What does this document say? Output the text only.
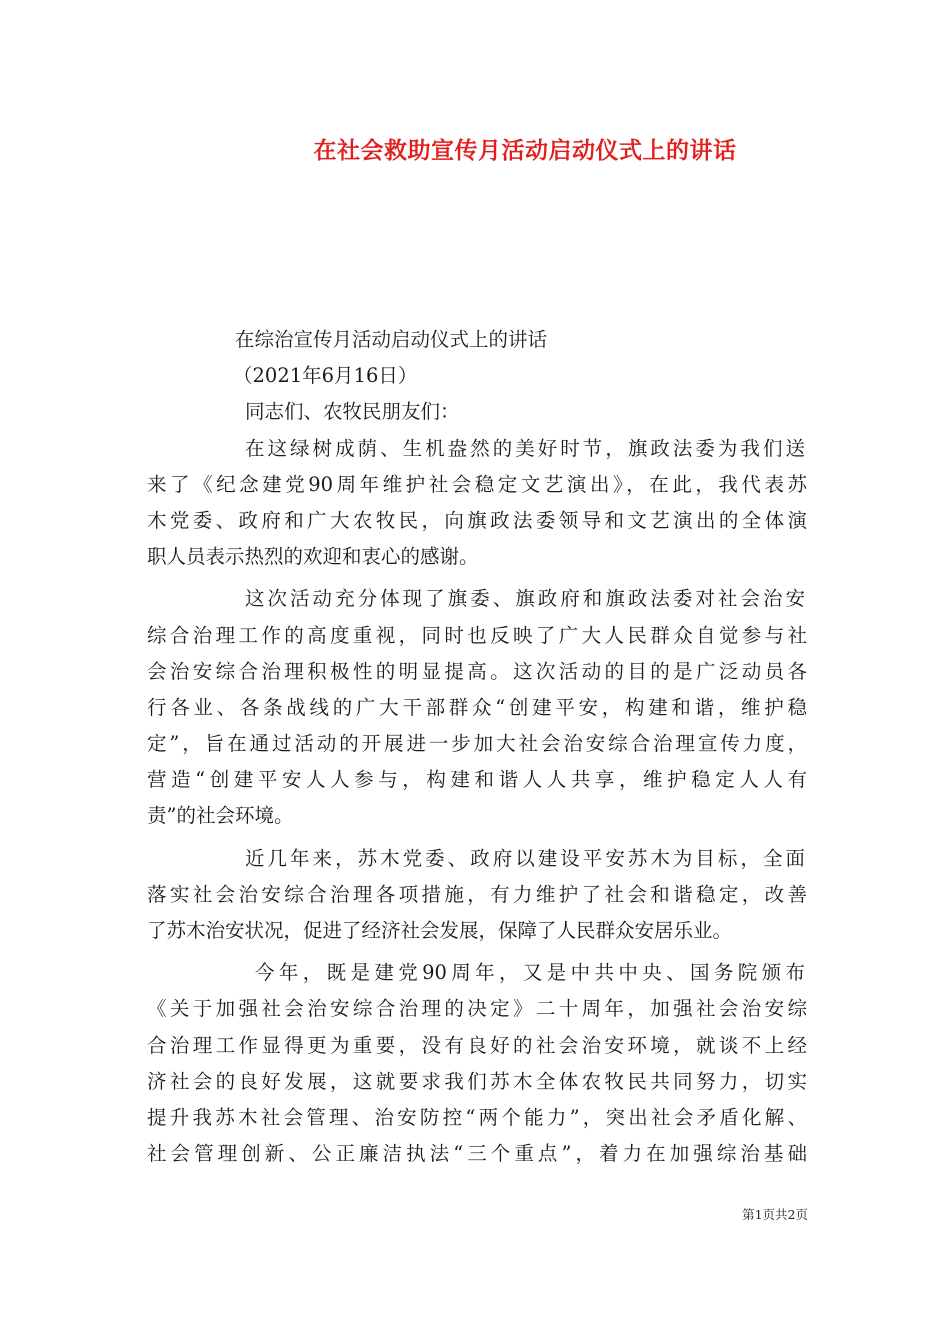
在社会救助宣传月活动启动仪式上的讲话
在综治宣传月活动启动仪式上的讲话
（2021年6月16日）
同志们、农牧民朋友们：
在这绿树成荫、生机盎然的美好时节，旗政法委为我们送
来了《纪念建党90周年维护社会稳定文艺演出》，在此，我代表苏
木党委、政府和广大农牧民，向旗政法委领导和文艺演出的全体演
职人员表示热烈的欢迎和衷心的感谢。
这次活动充分体现了旗委、旗政府和旗政法委对社会治安
综合治理工作的高度重视，同时也反映了广大人民群众自觉参与社
会治安综合治理积极性的明显提高。这次活动的目的是广泛动员各
行各业、各条战线的广大干部群众“创建平安，构建和谐，维护稳
定”，旨在通过活动的开展进一步加大社会治安综合治理宣传力度，
营造“创建平安人人参与，构建和谐人人共享，维护稳定人人有
责”的社会环境。
近几年来，苏木党委、政府以建设平安苏木为目标，全面
落实社会治安综合治理各项措施，有力维护了社会和谐稳定，改善
了苏木治安状况，促进了经济社会发展，保障了人民群众安居乐业。
今年，既是建党90周年，又是中共中央、国务院颁布
《关于加强社会治安综合治理的决定》二十周年，加强社会治安综
合治理工作显得更为重要，没有良好的社会治安环境，就谈不上经
济社会的良好发展，这就要求我们苏木全体农牧民共同努力，切实
提升我苏木社会管理、治安防控“两个能力”，突出社会矛盾化解、
社会管理创新、公正廉洁执法“三个重点”，着力在加强综治基础
第1页共2页
